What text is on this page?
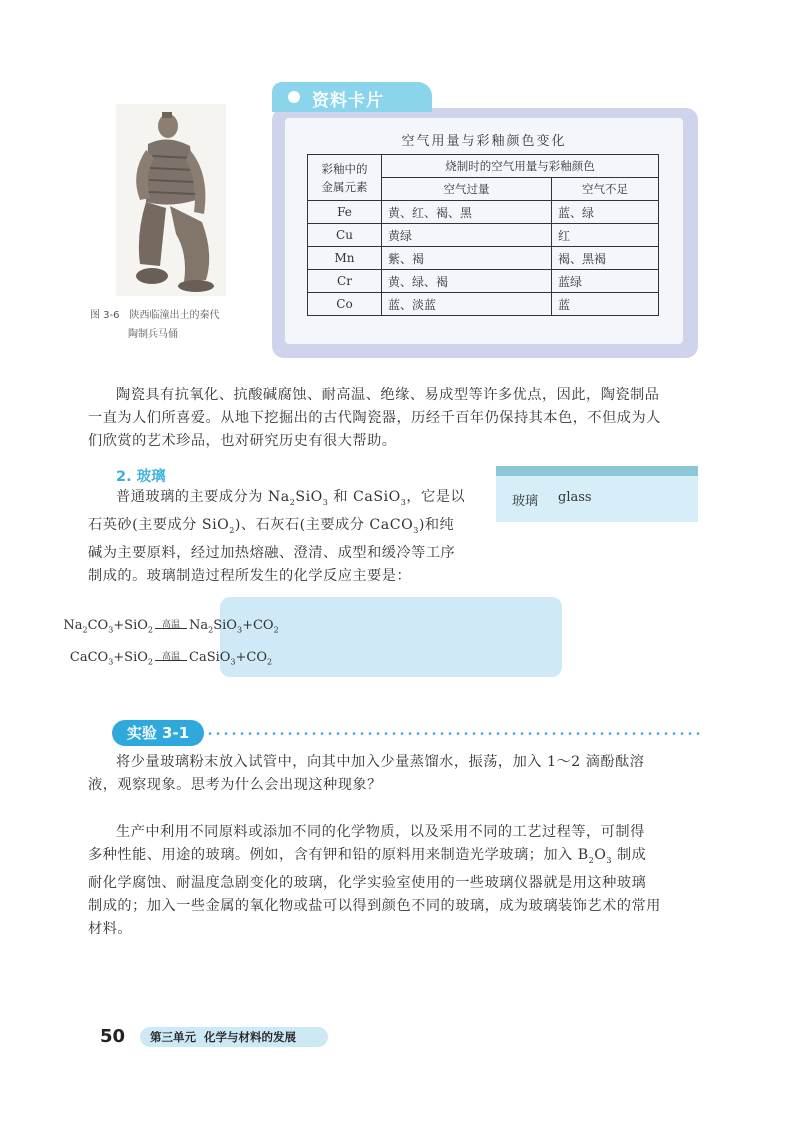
图 3-6 陕西临潼出土的秦代
陶制兵马俑
资料卡片
空气用量与彩釉颜色变化
彩釉中的
金属元素	烧制时的空气用量与彩釉颜色	
	空气过量	空气不足
Fe	黄、红、褐、黑	蓝、绿
Cu	黄绿	红
Mn	紫、褐	褐、黑褐
Cr	黄、绿、褐	蓝绿
Co	蓝、淡蓝	蓝
陶瓷具有抗氧化、抗酸碱腐蚀、耐高温、绝缘、易成型等许多优点，因此，陶瓷制品
一直为人们所喜爱。从地下挖掘出的古代陶瓷器，历经千百年仍保持其本色，不但成为人
们欣赏的艺术珍品，也对研究历史有很大帮助。
2. 玻璃
普通玻璃的主要成分为 $Na_2SiO_3$ 和 CaSiO$_3$，它是以
石英砂(主要成分 SiO$_2$)、石灰石(主要成分 CaCO$_3$)和纯
碱为主要原料，经过加热熔融、澄清、成型和缓冷等工序
制成的。玻璃制造过程所发生的化学反应主要是：
玻璃 glass
$Na_2CO_3+SiO_2$
高温 $Na_2SiO_3+CO_2$
CaCO$_3$+SiO$_2$
高温 $CaSiO_3+CO_2$
实验 3-1
将少量玻璃粉末放入试管中，向其中加入少量蒸馏水，振荡，加入 1～2 滴酚酞溶
液，观察现象。思考为什么会出现这种现象？
生产中利用不同原料或添加不同的化学物质，以及采用不同的工艺过程等，可制得
多种性能、用途的玻璃。例如，含有钾和铅的原料用来制造光学玻璃；加入 $B_2O_3$ 制成
耐化学腐蚀、耐温度急剧变化的玻璃，化学实验室使用的一些玻璃仪器就是用这种玻璃
制成的；加入一些金属的氧化物或盐可以得到颜色不同的玻璃，成为玻璃装饰艺术的常用
材料。
50 第三单元 化学与材料的发展
